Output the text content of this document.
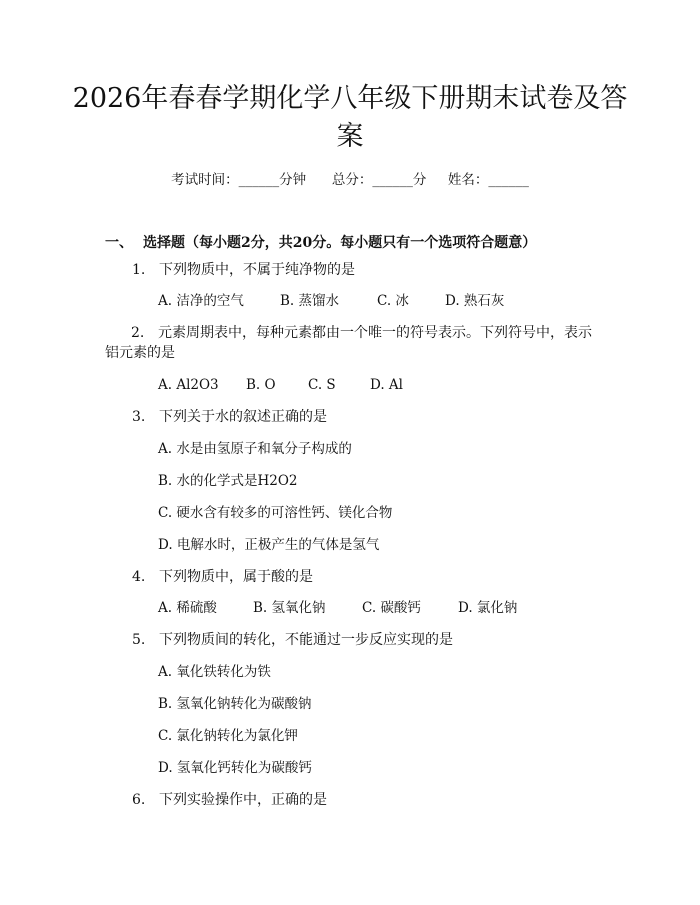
2026年春春学期化学八年级下册期末试卷及答案
考试时间：______分钟 总分：______分 姓名：______
一、 选择题（每小题2分，共20分。每小题只有一个选项符合题意）
1. 下列物质中，不属于纯净物的是
A. 洁净的空气	B. 蒸馏水	C. 冰	D. 熟石灰
2. 元素周期表中，每种元素都由一个唯一的符号表示。下列符号中，表示铝元素的是
A. Al2O3 B. O C. S	D. Al
3. 下列关于水的叙述正确的是
A. 水是由氢原子和氧分子构成的
B. 水的化学式是H2O2
C. 硬水含有较多的可溶性钙、镁化合物
D. 电解水时，正极产生的气体是氢气
4. 下列物质中，属于酸的是
A. 稀硫酸	B. 氢氧化钠	C. 碳酸钙	D. 氯化钠
5. 下列物质间的转化，不能通过一步反应实现的是
A. 氧化铁转化为铁
B. 氢氧化钠转化为碳酸钠
C. 氯化钠转化为氯化钾
D. 氢氧化钙转化为碳酸钙
6. 下列实验操作中，正确的是
